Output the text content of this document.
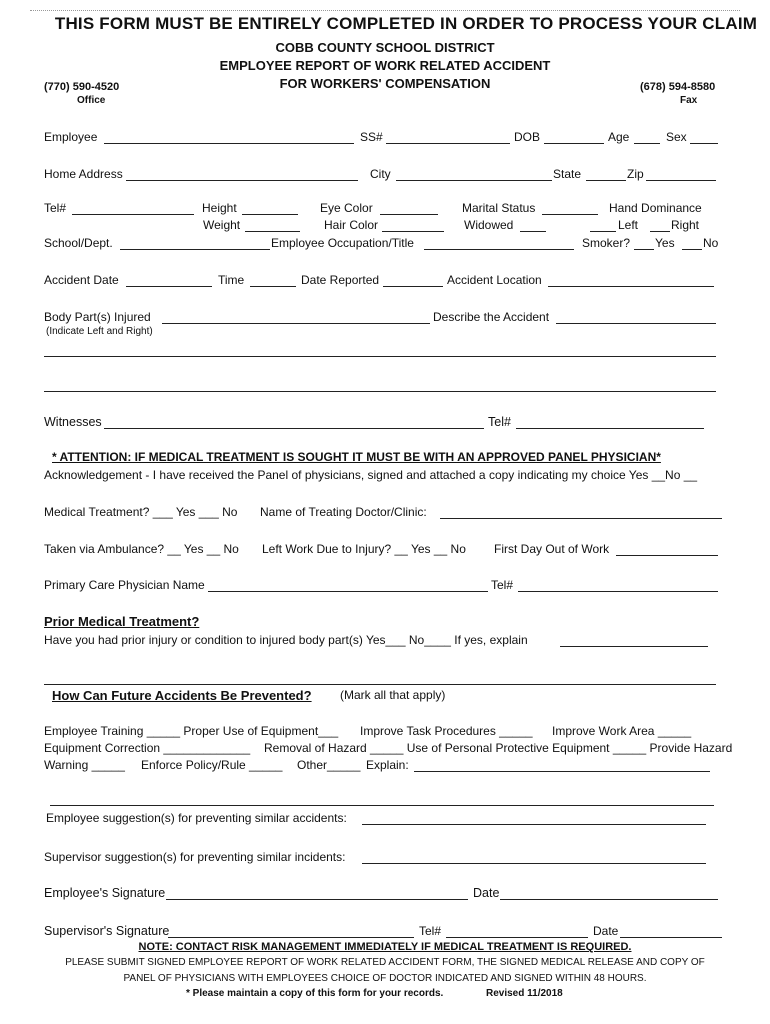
THIS FORM MUST BE ENTIRELY COMPLETED IN ORDER TO PROCESS YOUR CLAIM
COBB COUNTY SCHOOL DISTRICT
EMPLOYEE REPORT OF WORK RELATED ACCIDENT
FOR WORKERS' COMPENSATION
(770) 590-4520
Office
(678) 594-8580
Fax
Employee	SS#	DOB	Age	Sex
Home Address	City	State	Zip
Tel#	Height	Eye Color	Marital Status	Hand Dominance
Weight	Hair Color	Widowed	Left	Right
School/Dept.	Employee Occupation/Title	Smoker? Yes No
Accident Date	Time	Date Reported	Accident Location
Body Part(s) Injured	Describe the Accident
(Indicate Left and Right)
Witnesses	Tel#
* ATTENTION: IF MEDICAL TREATMENT IS SOUGHT IT MUST BE WITH AN APPROVED PANEL PHYSICIAN*
Acknowledgement - I have received the Panel of physicians, signed and attached a copy indicating my choice Yes __No __
Medical Treatment? ___ Yes ___ No Name of Treating Doctor/Clinic:
Taken via Ambulance? __ Yes __ No Left Work Due to Injury? __ Yes __ No First Day Out of Work
Primary Care Physician Name	Tel#
Prior Medical Treatment?
Have you had prior injury or condition to injured body part(s) Yes___ No____ If yes, explain
How Can Future Accidents Be Prevented? (Mark all that apply)
Employee Training _____ Proper Use of Equipment___ Improve Task Procedures _____ Improve Work Area _____
Equipment Correction _____________ Removal of Hazard _____ Use of Personal Protective Equipment _____ Provide Hazard
Warning _____ Enforce Policy/Rule _____ Other_____ Explain:
Employee suggestion(s) for preventing similar accidents:
Supervisor suggestion(s) for preventing similar incidents:
Employee's Signature	Date
Supervisor's Signature	Tel#	Date
NOTE: CONTACT RISK MANAGEMENT IMMEDIATELY IF MEDICAL TREATMENT IS REQUIRED.
PLEASE SUBMIT SIGNED EMPLOYEE REPORT OF WORK RELATED ACCIDENT FORM, THE SIGNED MEDICAL RELEASE AND COPY OF
PANEL OF PHYSICIANS WITH EMPLOYEES CHOICE OF DOCTOR INDICATED AND SIGNED WITHIN 48 HOURS.
* Please maintain a copy of this form for your records.	Revised 11/2018
